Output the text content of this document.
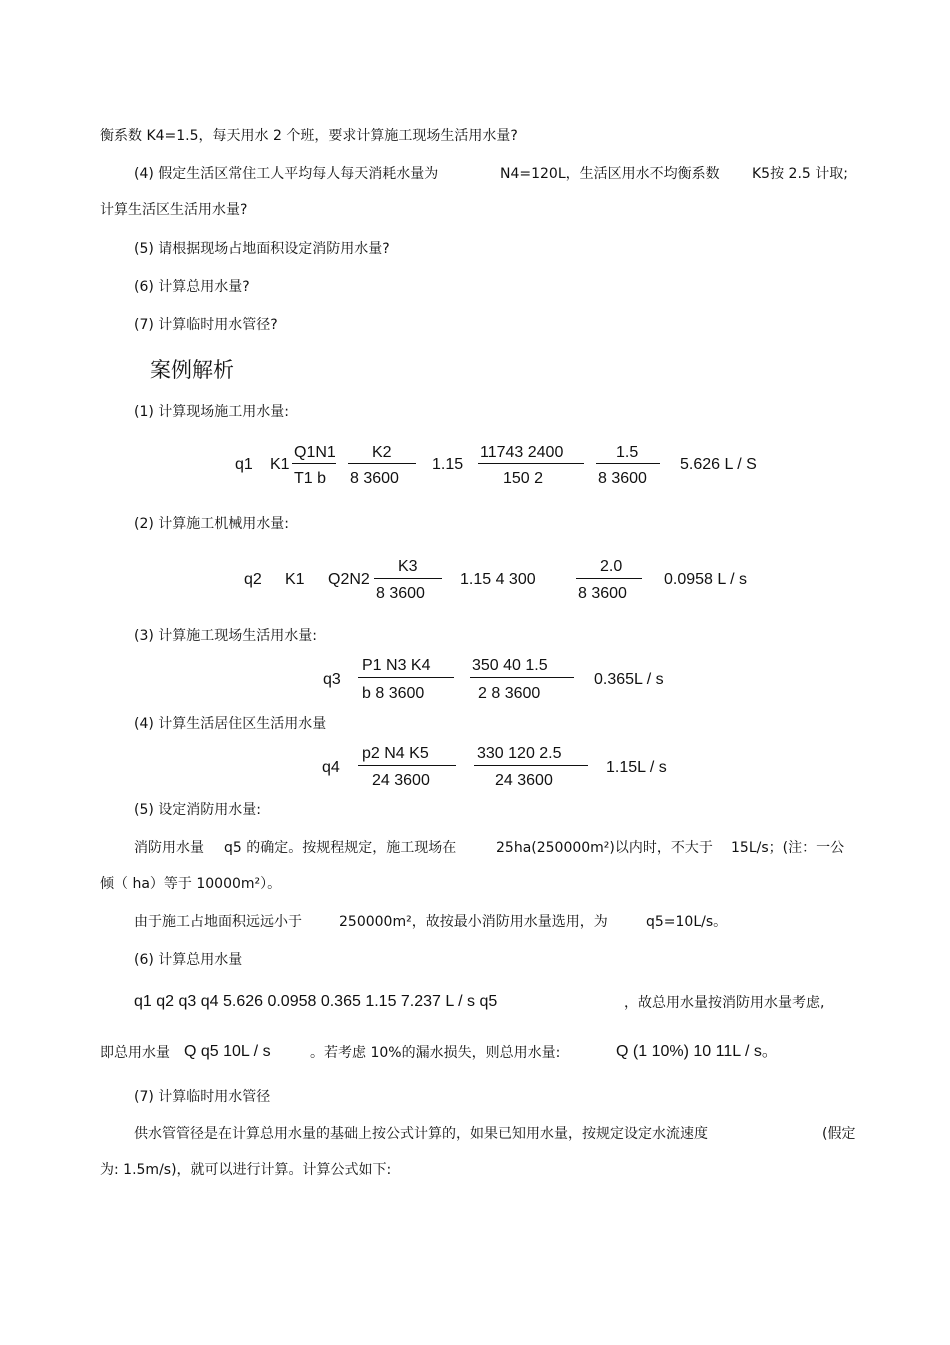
衡系数 K4=1.5，每天用水 2 个班，要求计算施工现场生活用水量?
(4) 假定生活区常住工人平均每人每天消耗水量为	N4=120L，生活区用水不均衡系数 K5按 2.5 计取;
计算生活区生活用水量?
(5) 请根据现场占地面积设定消防用水量?
(6) 计算总用水量?
(7) 计算临时用水管径?
案例解析
(1) 计算现场施工用水量:
q1 K1
Q1N1
T1 b
K2
8 3600
1.15
11743 2400
150 2
1.5
8 3600
5.626 L / S
(2) 计算施工机械用水量:
q2 K1 Q2N2
K3
8 3600
1.15 4 300
2.0
8 3600
0.0958 L / s
(3) 计算施工现场生活用水量:
q3
P1 N3 K4
b 8 3600
350 40 1.5
2 8 3600
0.365L / s
(4) 计算生活居住区生活用水量
q4
p2 N4 K5
24 3600
330 120 2.5
24 3600
1.15L / s
(5) 设定消防用水量:
消防用水量 q5 的确定。按规程规定，施工现场在	25ha(250000m²)以内时，不大于 15L/s；(注：一公
倾（ ha）等于 10000m²）。
由于施工占地面积远远小于	250000m²，故按最小消防用水量选用，为	q5=10L/s。
(6) 计算总用水量
q1 q2 q3 q4 5.626 0.0958 0.365 1.15 7.237 L / s q5	，故总用水量按消防用水量考虑,
即总用水量 Q q5 10L / s	。若考虑 10%的漏水损失，则总用水量:	Q (1 10%) 10 11L / s。
(7) 计算临时用水管径
供水管管径是在计算总用水量的基础上按公式计算的，如果已知用水量，按规定设定水流速度	(假定
为: 1.5m/s)，就可以进行计算。计算公式如下:
